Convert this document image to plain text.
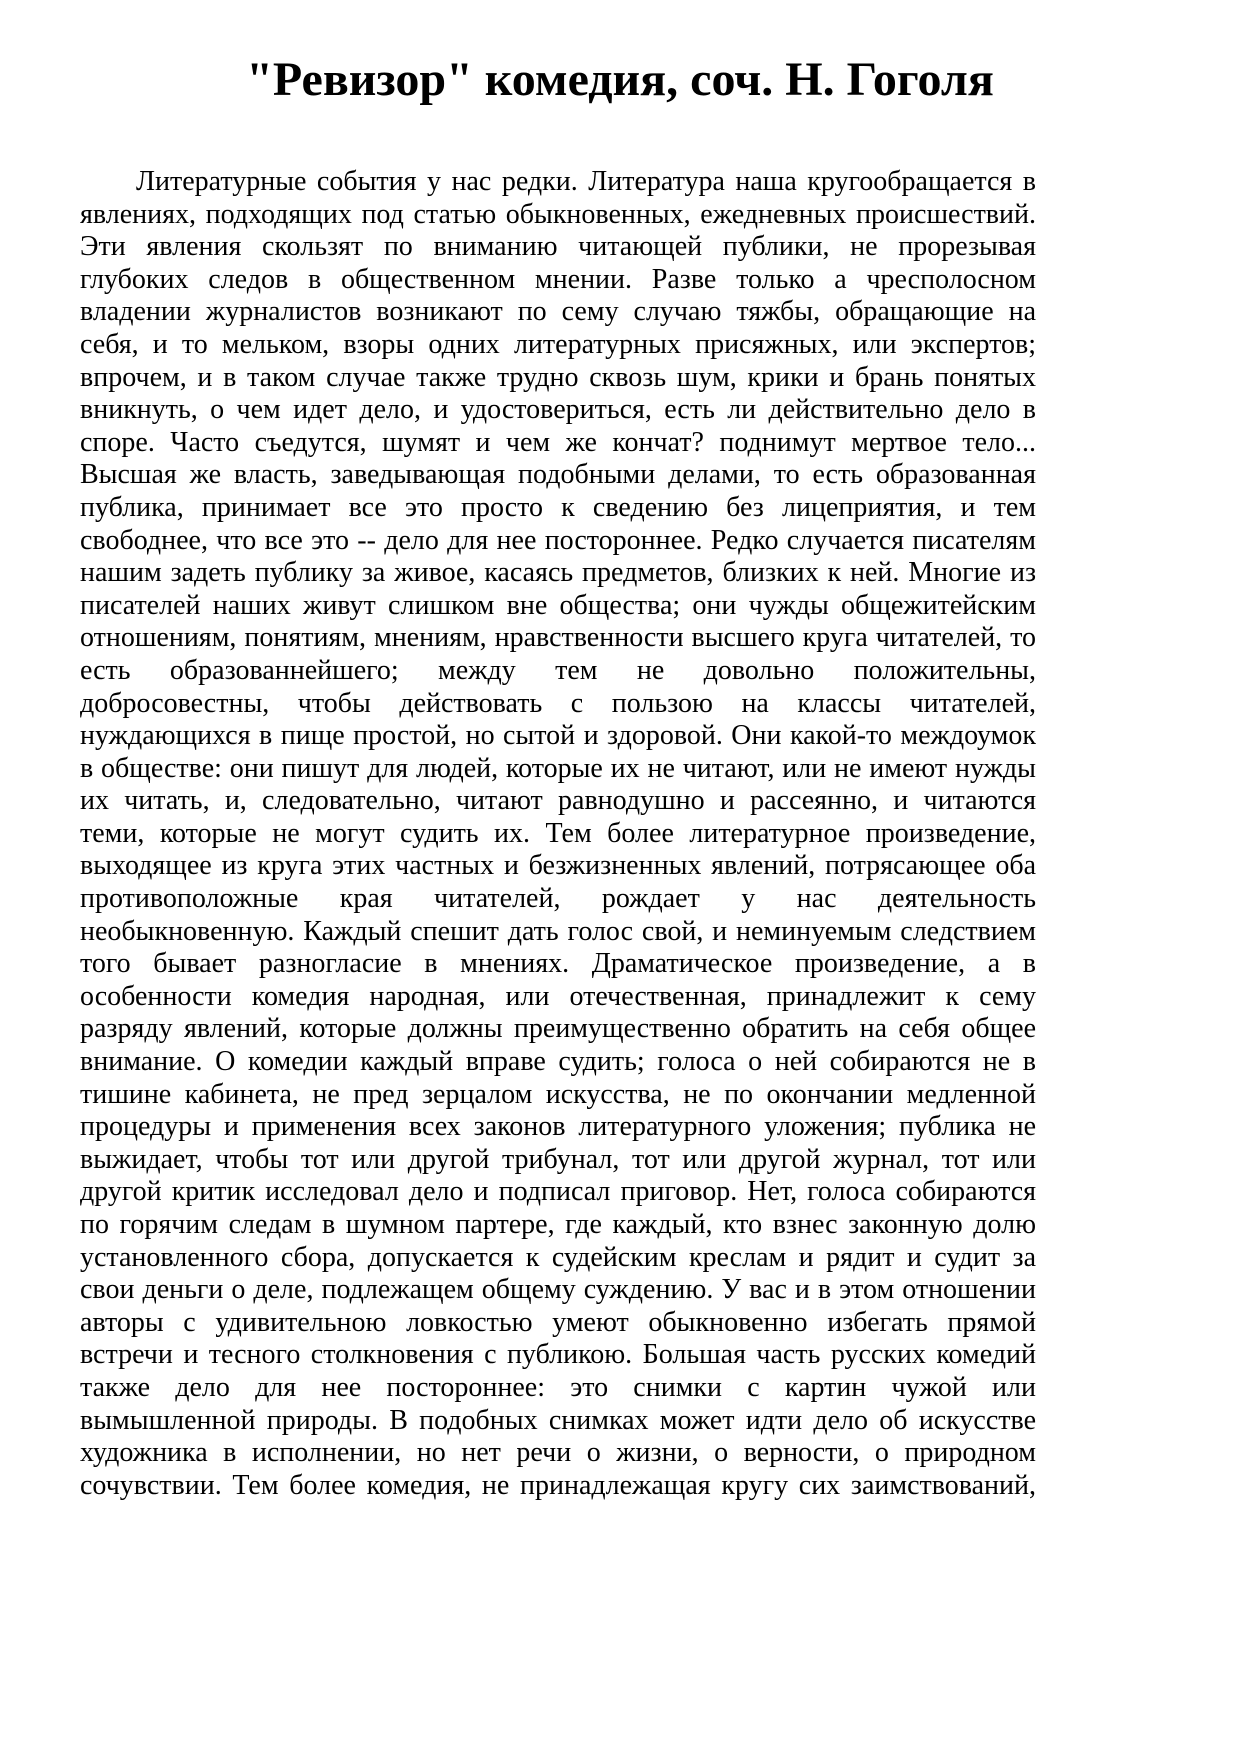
"Ревизор" комедия, соч. Н. Гоголя
Литературные события у нас редки. Литература наша кругообращается в
явлениях, подходящих под статью обыкновенных, ежедневных происшествий.
Эти явления скользят по вниманию читающей публики, не прорезывая
глубоких следов в общественном мнении. Разве только а чресполосном
владении журналистов возникают по сему случаю тяжбы, обращающие на
себя, и то мельком, взоры одних литературных присяжных, или экспертов;
впрочем, и в таком случае также трудно сквозь шум, крики и брань понятых
вникнуть, о чем идет дело, и удостовериться, есть ли действительно дело в
споре. Часто съедутся, шумят и чем же кончат? поднимут мертвое тело...
Высшая же власть, заведывающая подобными делами, то есть образованная
публика, принимает все это просто к сведению без лицеприятия, и тем
свободнее, что все это -- дело для нее постороннее. Редко случается писателям
нашим задеть публику за живое, касаясь предметов, близких к ней. Многие из
писателей наших живут слишком вне общества; они чужды общежитейским
отношениям, понятиям, мнениям, нравственности высшего круга читателей, то
есть образованнейшего; между тем не довольно положительны,
добросовестны, чтобы действовать с пользою на классы читателей,
нуждающихся в пище простой, но сытой и здоровой. Они какой-то междоумок
в обществе: они пишут для людей, которые их не читают, или не имеют нужды
их читать, и, следовательно, читают равнодушно и рассеянно, и читаются
теми, которые не могут судить их. Тем более литературное произведение,
выходящее из круга этих частных и безжизненных явлений, потрясающее оба
противоположные края читателей, рождает у нас деятельность
необыкновенную. Каждый спешит дать голос свой, и неминуемым следствием
того бывает разногласие в мнениях. Драматическое произведение, а в
особенности комедия народная, или отечественная, принадлежит к сему
разряду явлений, которые должны преимущественно обратить на себя общее
внимание. О комедии каждый вправе судить; голоса о ней собираются не в
тишине кабинета, не пред зерцалом искусства, не по окончании медленной
процедуры и применения всех законов литературного уложения; публика не
выжидает, чтобы тот или другой трибунал, тот или другой журнал, тот или
другой критик исследовал дело и подписал приговор. Нет, голоса собираются
по горячим следам в шумном партере, где каждый, кто взнес законную долю
установленного сбора, допускается к судейским креслам и рядит и судит за
свои деньги о деле, подлежащем общему суждению. У вас и в этом отношении
авторы с удивительною ловкостью умеют обыкновенно избегать прямой
встречи и тесного столкновения с публикою. Большая часть русских комедий
также дело для нее постороннее: это снимки с картин чужой или
вымышленной природы. В подобных снимках может идти дело об искусстве
художника в исполнении, но нет речи о жизни, о верности, о природном
сочувствии. Тем более комедия, не принадлежащая кругу сих заимствований,
